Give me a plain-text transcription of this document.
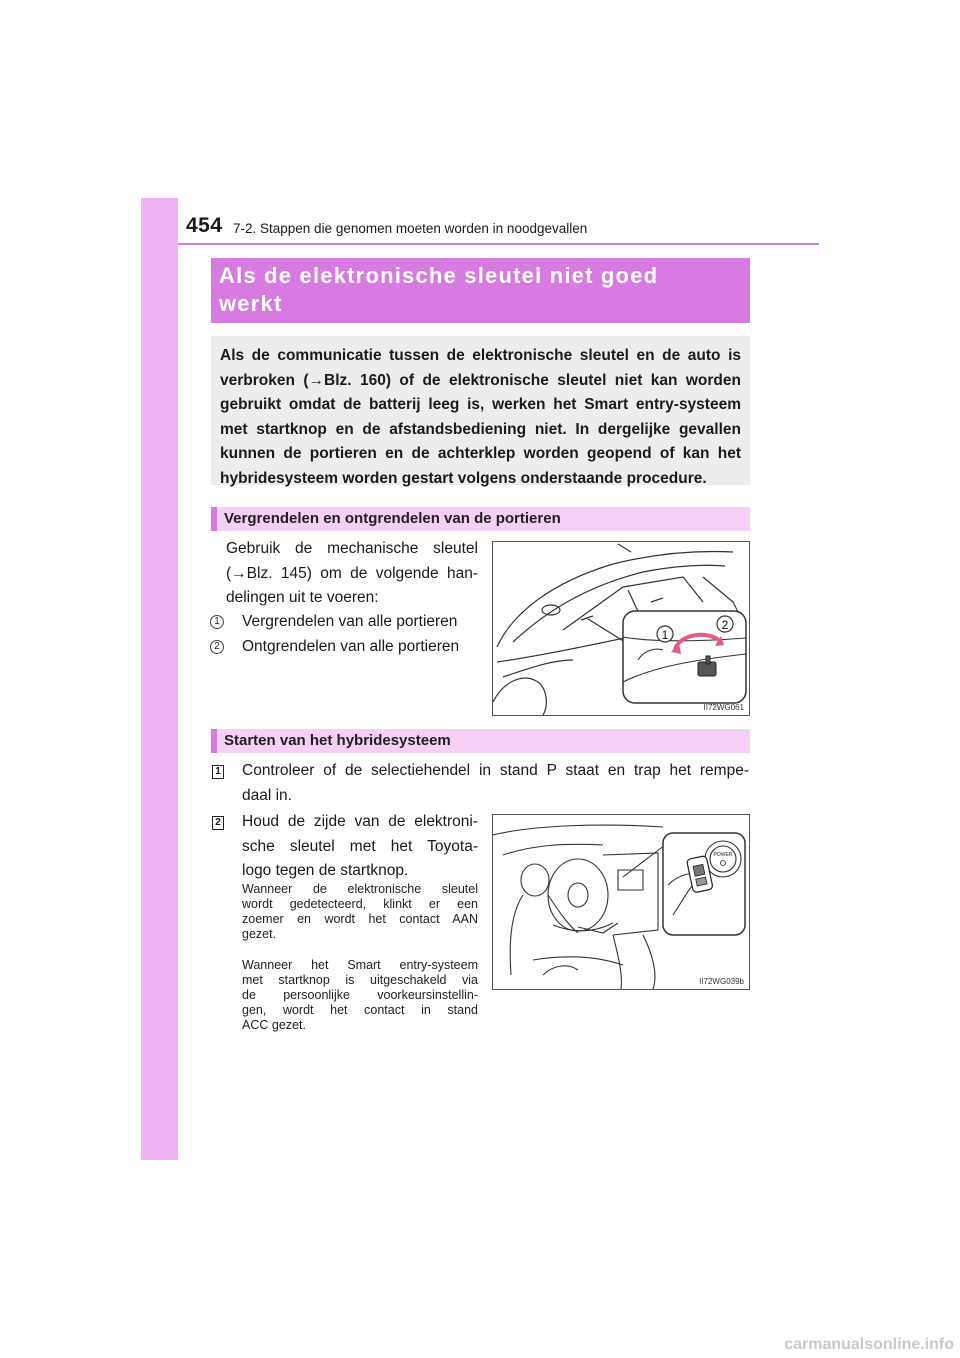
454 7-2. Stappen die genomen moeten worden in noodgevallen
Als de elektronische sleutel niet goed
werkt
Als de communicatie tussen de elektronische sleutel en de auto is
verbroken (→Blz. 160) of de elektronische sleutel niet kan worden
gebruikt omdat de batterij leeg is, werken het Smart entry-systeem
met startknop en de afstandsbediening niet. In dergelijke gevallen
kunnen de portieren en de achterklep worden geopend of kan het
hybridesysteem worden gestart volgens onderstaande procedure.
Vergrendelen en ontgrendelen van de portieren
Gebruik de mechanische sleutel
(→Blz. 145) om de volgende han-
delingen uit te voeren:
1 Vergrendelen van alle portieren
2 Ontgrendelen van alle portieren
1
2
II72WG061
Starten van het hybridesysteem
1 Controleer of de selectiehendel in stand P staat en trap het rempe-
daal in.
2 Houd de zijde van de elektroni-
sche sleutel met het Toyota-
logo tegen de startknop.
Wanneer de elektronische sleutel
wordt gedetecteerd, klinkt er een
zoemer en wordt het contact AAN
gezet.
Wanneer het Smart entry-systeem
met startknop is uitgeschakeld via
de persoonlijke voorkeursinstellin-
gen, wordt het contact in stand
ACC gezet.
POWER
II72WG039b
carmanualsonline.info
